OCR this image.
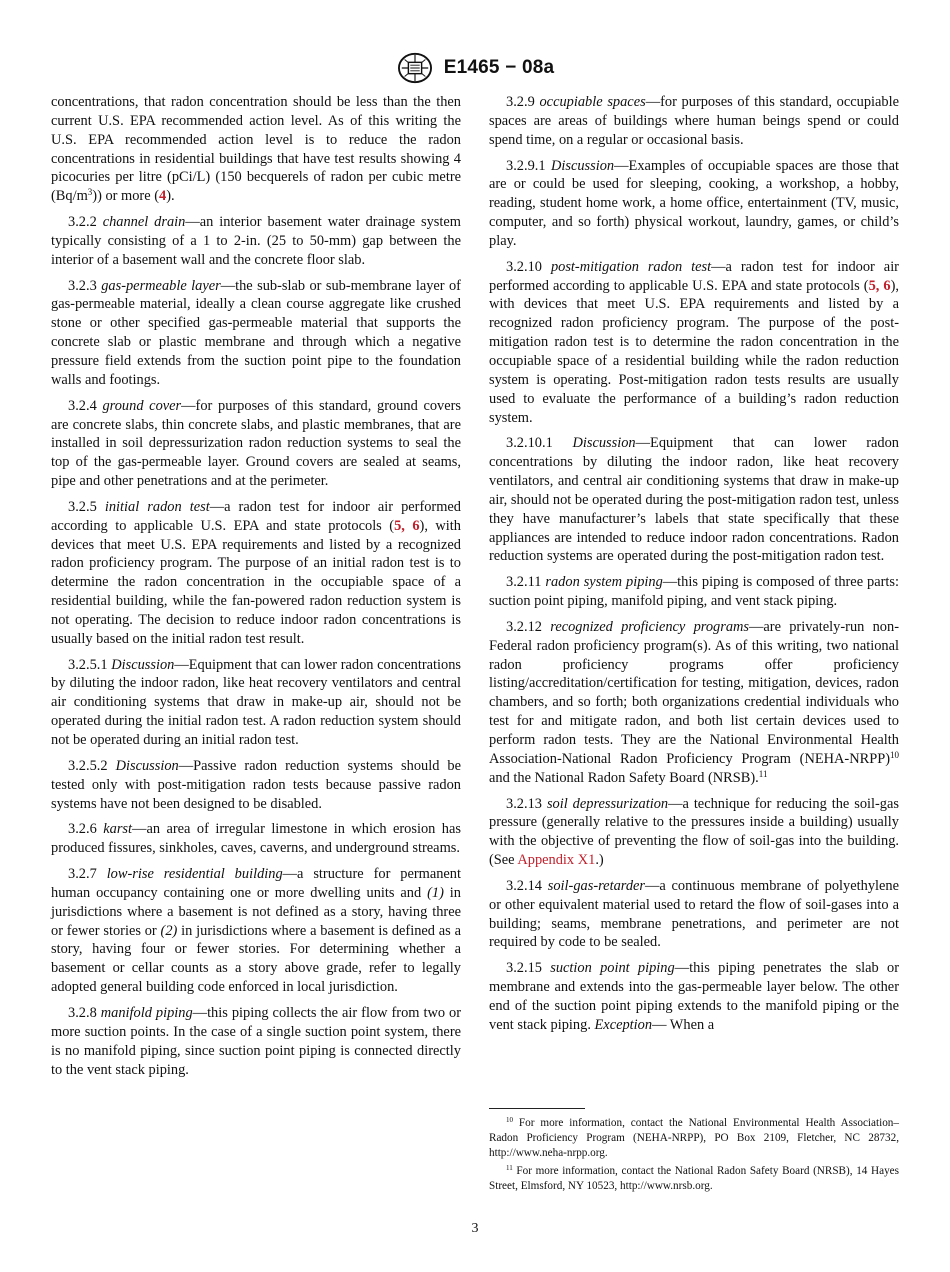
E1465 − 08a

concentrations, that radon concentration should be less than the then current U.S. EPA recommended action level. As of this writing the U.S. EPA recommended action level is to reduce the radon concentrations in residential buildings that have test results showing 4 picocuries per litre (pCi/L) (150 becquerels of radon per cubic metre $(Bq/m^3)$) or more (4).

3.2.2 channel drain—an interior basement water drainage system typically consisting of a 1 to 2-in. (25 to 50-mm) gap between the interior of a basement wall and the concrete floor slab.

3.2.3 gas-permeable layer—the sub-slab or sub-membrane layer of gas-permeable material, ideally a clean course aggregate like crushed stone or other specified gas-permeable material that supports the concrete slab or plastic membrane and through which a negative pressure field extends from the suction point pipe to the foundation walls and footings.

3.2.4 ground cover—for purposes of this standard, ground covers are concrete slabs, thin concrete slabs, and plastic membranes, that are installed in soil depressurization radon reduction systems to seal the top of the gas-permeable layer. Ground covers are sealed at seams, pipe and other penetrations and at the perimeter.

3.2.5 initial radon test—a radon test for indoor air performed according to applicable U.S. EPA and state protocols (5, 6), with devices that meet U.S. EPA requirements and listed by a recognized radon proficiency program. The purpose of an initial radon test is to determine the radon concentration in the occupiable space of a residential building, while the fan-powered radon reduction system is not operating. The decision to reduce indoor radon concentrations is usually based on the initial radon test result.

3.2.5.1 Discussion—Equipment that can lower radon concentrations by diluting the indoor radon, like heat recovery ventilators and central air conditioning systems that draw in make-up air, should not be operated during the initial radon test. A radon reduction system should not be operated during an initial radon test.

3.2.5.2 Discussion—Passive radon reduction systems should be tested only with post-mitigation radon tests because passive radon systems have not been designed to be disabled.

3.2.6 karst—an area of irregular limestone in which erosion has produced fissures, sinkholes, caves, caverns, and underground streams.

3.2.7 low-rise residential building—a structure for permanent human occupancy containing one or more dwelling units and (1) in jurisdictions where a basement is not defined as a story, having three or fewer stories or (2) in jurisdictions where a basement is defined as a story, having four or fewer stories. For determining whether a basement or cellar counts as a story above grade, refer to legally adopted general building code enforced in local jurisdiction.

3.2.8 manifold piping—this piping collects the air flow from two or more suction points. In the case of a single suction point system, there is no manifold piping, since suction point piping is connected directly to the vent stack piping.

3.2.9 occupiable spaces—for purposes of this standard, occupiable spaces are areas of buildings where human beings spend or could spend time, on a regular or occasional basis.

3.2.9.1 Discussion—Examples of occupiable spaces are those that are or could be used for sleeping, cooking, a workshop, a hobby, reading, student home work, a home office, entertainment (TV, music, computer, and so forth) physical workout, laundry, games, or child’s play.

3.2.10 post-mitigation radon test—a radon test for indoor air performed according to applicable U.S. EPA and state protocols (5, 6), with devices that meet U.S. EPA requirements and listed by a recognized radon proficiency program. The purpose of the post-mitigation radon test is to determine the radon concentration in the occupiable space of a residential building while the radon reduction system is operating. Post-mitigation radon tests results are usually used to evaluate the performance of a building’s radon reduction system.

3.2.10.1 Discussion—Equipment that can lower radon concentrations by diluting the indoor radon, like heat recovery ventilators, and central air conditioning systems that draw in make-up air, should not be operated during the post-mitigation radon test, unless they have manufacturer’s labels that state specifically that these appliances are intended to reduce indoor radon concentrations. Radon reduction systems are operated during the post-mitigation radon test.

3.2.11 radon system piping—this piping is composed of three parts: suction point piping, manifold piping, and vent stack piping.

3.2.12 recognized proficiency programs—are privately-run non-Federal radon proficiency program(s). As of this writing, two national radon proficiency programs offer proficiency listing/accreditation/certification for testing, mitigation, devices, radon chambers, and so forth; both organizations credential individuals who test for and mitigate radon, and both list certain devices used to perform radon tests. They are the National Environmental Health Association-National Radon Proficiency Program (NEHA-NRPP)$^{10}$ and the National Radon Safety Board (NRSB).$^{11}$

3.2.13 soil depressurization—a technique for reducing the soil-gas pressure (generally relative to the pressures inside a building) usually with the objective of preventing the flow of soil-gas into the building. (See Appendix X1.)

3.2.14 soil-gas-retarder—a continuous membrane of polyethylene or other equivalent material used to retard the flow of soil-gases into a building; seams, membrane penetrations, and perimeter are not required by code to be sealed.

3.2.15 suction point piping—this piping penetrates the slab or membrane and extends into the gas-permeable layer below. The other end of the suction point piping extends to the manifold piping or the vent stack piping. Exception— When a

$^{10}$ For more information, contact the National Environmental Health Association–Radon Proficiency Program (NEHA-NRPP), PO Box 2109, Fletcher, NC 28732, http://www.neha-nrpp.org.

$^{11}$ For more information, contact the National Radon Safety Board (NRSB), 14 Hayes Street, Elmsford, NY 10523, http://www.nrsb.org.

3
